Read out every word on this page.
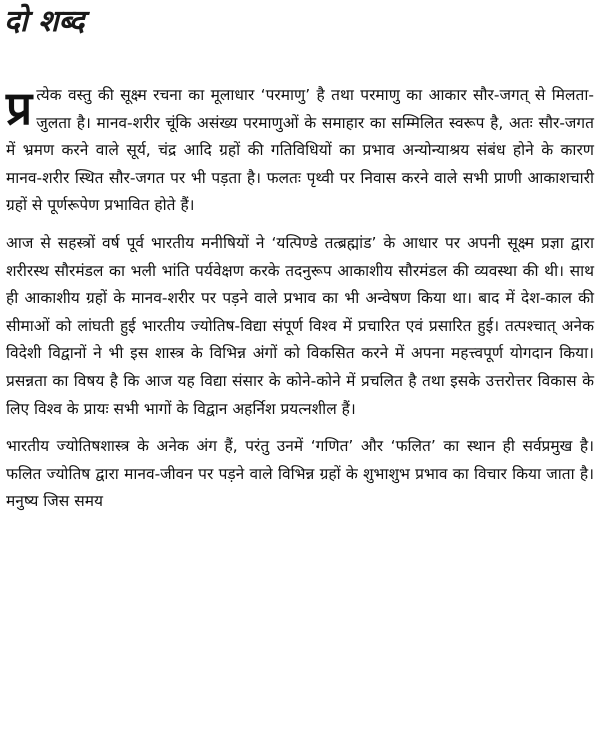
दो शब्द

प्र त्येक वस्तु की सूक्ष्म रचना का मूलाधार ‘परमाणु’ है तथा परमाणु का आकार सौर-जगत् से मिलता-जुलता है। मानव-शरीर चूंकि असंख्य परमाणुओं के समाहार का सम्मिलित स्वरूप है, अतः सौर-जगत में भ्रमण करने वाले सूर्य, चंद्र आदि ग्रहों की गतिविधियों का प्रभाव अन्योन्याश्रय संबंध होने के कारण मानव-शरीर स्थित सौर-जगत पर भी पड़ता है। फलतः पृथ्वी पर निवास करने वाले सभी प्राणी आकाशचारी ग्रहों से पूर्णरूपेण प्रभावित होते हैं।

आज से सहस्त्रों वर्ष पूर्व भारतीय मनीषियों ने ‘यत्पिण्डे तत्ब्रह्मांड’ के आधार पर अपनी सूक्ष्म प्रज्ञा द्वारा शरीरस्थ सौरमंडल का भली भांति पर्यवेक्षण करके तदनुरूप आकाशीय सौरमंडल की व्यवस्था की थी। साथ ही आकाशीय ग्रहों के मानव-शरीर पर पड़ने वाले प्रभाव का भी अन्वेषण किया था। बाद में देश-काल की सीमाओं को लांघती हुई भारतीय ज्योतिष-विद्या संपूर्ण विश्व में प्रचारित एवं प्रसारित हुई। तत्पश्चात् अनेक विदेशी विद्वानों ने भी इस शास्त्र के विभिन्न अंगों को विकसित करने में अपना महत्त्वपूर्ण योगदान किया। प्रसन्नता का विषय है कि आज यह विद्या संसार के कोने-कोने में प्रचलित है तथा इसके उत्तरोत्तर विकास के लिए विश्व के प्रायः सभी भागों के विद्वान अहर्निश प्रयत्नशील हैं।

भारतीय ज्योतिषशास्त्र के अनेक अंग हैं, परंतु उनमें ‘गणित’ और ‘फलित’ का स्थान ही सर्वप्रमुख है। फलित ज्योतिष द्वारा मानव-जीवन पर पड़ने वाले विभिन्न ग्रहों के शुभाशुभ प्रभाव का विचार किया जाता है। मनुष्य जिस समय
